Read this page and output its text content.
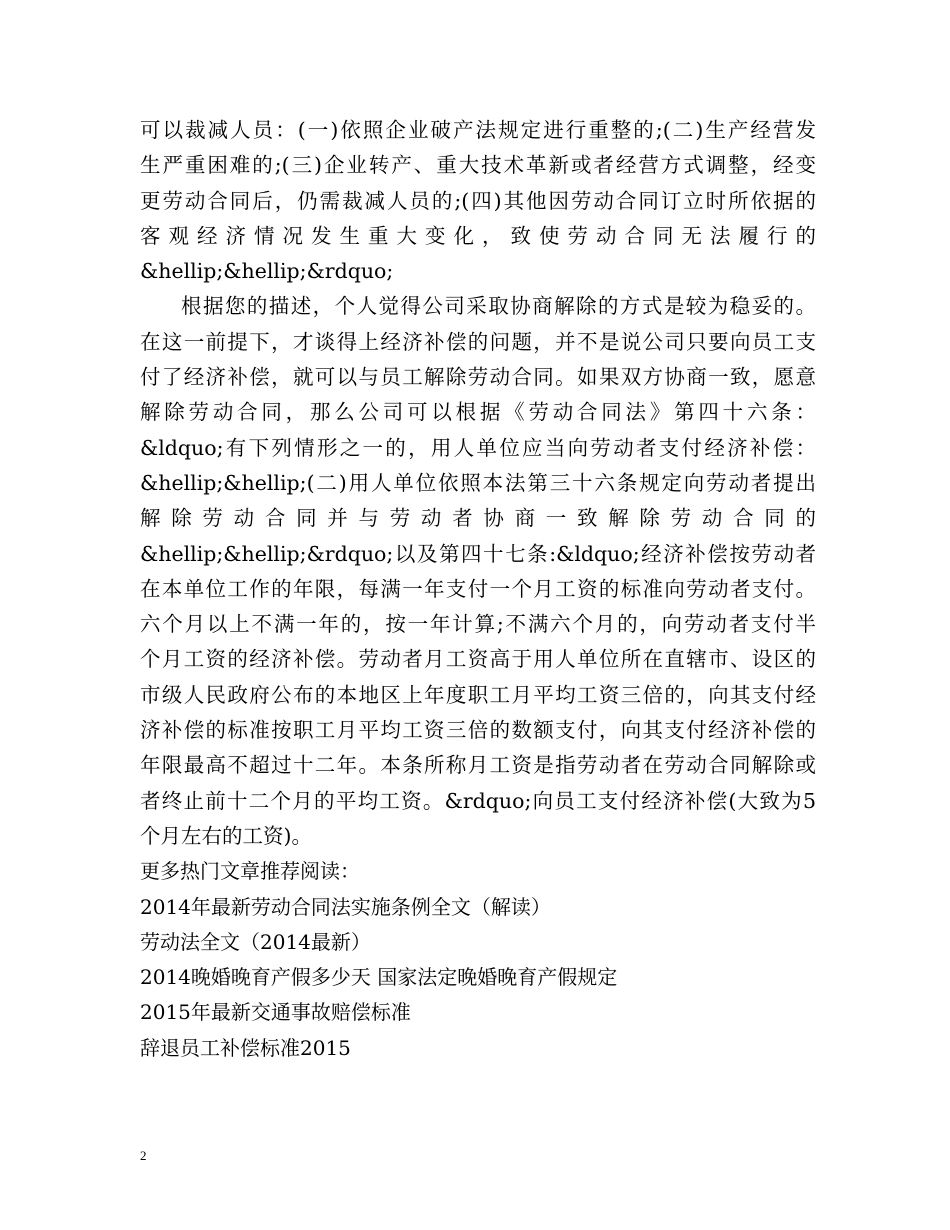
可以裁减人员：(一)依照企业破产法规定进行重整的;(二)生产经营发
生严重困难的;(三)企业转产、重大技术革新或者经营方式调整，经变
更劳动合同后，仍需裁减人员的;(四)其他因劳动合同订立时所依据的
客观经济情况发生重大变化，致使劳动合同无法履行的
&hellip;&hellip;&rdquo;
根据您的描述，个人觉得公司采取协商解除的方式是较为稳妥的。
在这一前提下，才谈得上经济补偿的问题，并不是说公司只要向员工支
付了经济补偿，就可以与员工解除劳动合同。如果双方协商一致，愿意
解除劳动合同，那么公司可以根据《劳动合同法》第四十六条：
&ldquo;有下列情形之一的，用人单位应当向劳动者支付经济补偿：
&hellip;&hellip;(二)用人单位依照本法第三十六条规定向劳动者提出
解除劳动合同并与劳动者协商一致解除劳动合同的
&hellip;&hellip;&rdquo;以及第四十七条:&ldquo;经济补偿按劳动者
在本单位工作的年限，每满一年支付一个月工资的标准向劳动者支付。
六个月以上不满一年的，按一年计算;不满六个月的，向劳动者支付半
个月工资的经济补偿。劳动者月工资高于用人单位所在直辖市、设区的
市级人民政府公布的本地区上年度职工月平均工资三倍的，向其支付经
济补偿的标准按职工月平均工资三倍的数额支付，向其支付经济补偿的
年限最高不超过十二年。本条所称月工资是指劳动者在劳动合同解除或
者终止前十二个月的平均工资。&rdquo;向员工支付经济补偿(大致为5
个月左右的工资)。
更多热门文章推荐阅读：
2014年最新劳动合同法实施条例全文（解读）
劳动法全文（2014最新）
2014晚婚晚育产假多少天 国家法定晚婚晚育产假规定
2015年最新交通事故赔偿标准
辞退员工补偿标准2015
2
